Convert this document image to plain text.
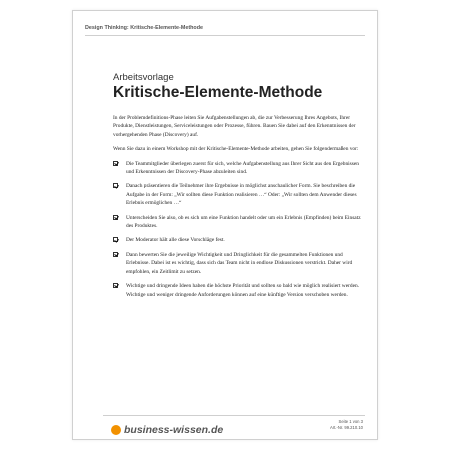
Design Thinking: Kritische-Elemente-Methode
Arbeitsvorlage
Kritische-Elemente-Methode

In der Problemdefinitions-Phase leiten Sie Aufgabenstellungen ab, die zur Verbesserung Ihres Angebots, Ihrer Produkte, Dienstleistungen, Serviceleistungen oder Prozesse, führen. Bauen Sie dabei auf den Erkenntnissen der vorhergehenden Phase (Discovery) auf.

Wenn Sie dazu in einem Workshop mit der Kritische-Elemente-Methode arbeiten, gehen Sie folgendermaßen vor:

Die Teammitglieder überlegen zuerst für sich, welche Aufgabenstellung aus Ihrer Sicht aus den Ergebnissen und Erkenntnissen der Discovery-Phase abzuleiten sind.
Danach präsentieren die Teilnehmer ihre Ergebnisse in möglichst anschaulicher Form. Sie beschreiben die Aufgabe in der Form: „Wir sollten diese Funktion realisieren …“ Oder: „Wir sollten dem Anwender dieses Erlebnis ermöglichen …“
Unterscheiden Sie also, ob es sich um eine Funktion handelt oder um ein Erlebnis (Empfinden) beim Einsatz des Produktes.
Der Moderator hält alle diese Vorschläge fest.
Dann bewerten Sie die jeweilige Wichtigkeit und Dringlichkeit für die gesammelten Funktionen und Erlebnisse. Dabei ist es wichtig, dass sich das Team nicht in endlose Diskussionen verstrickt. Daher wird empfohlen, ein Zeitlimit zu setzen.
Wichtige und dringende Ideen haben die höchste Priorität und sollten so bald wie möglich realisiert werden. Wichtige und weniger dringende Anforderungen können auf eine künftige Version verschoben werden.
business-wissen.de
Seite 1 von 3
Art.-Nr. 99.210.10
